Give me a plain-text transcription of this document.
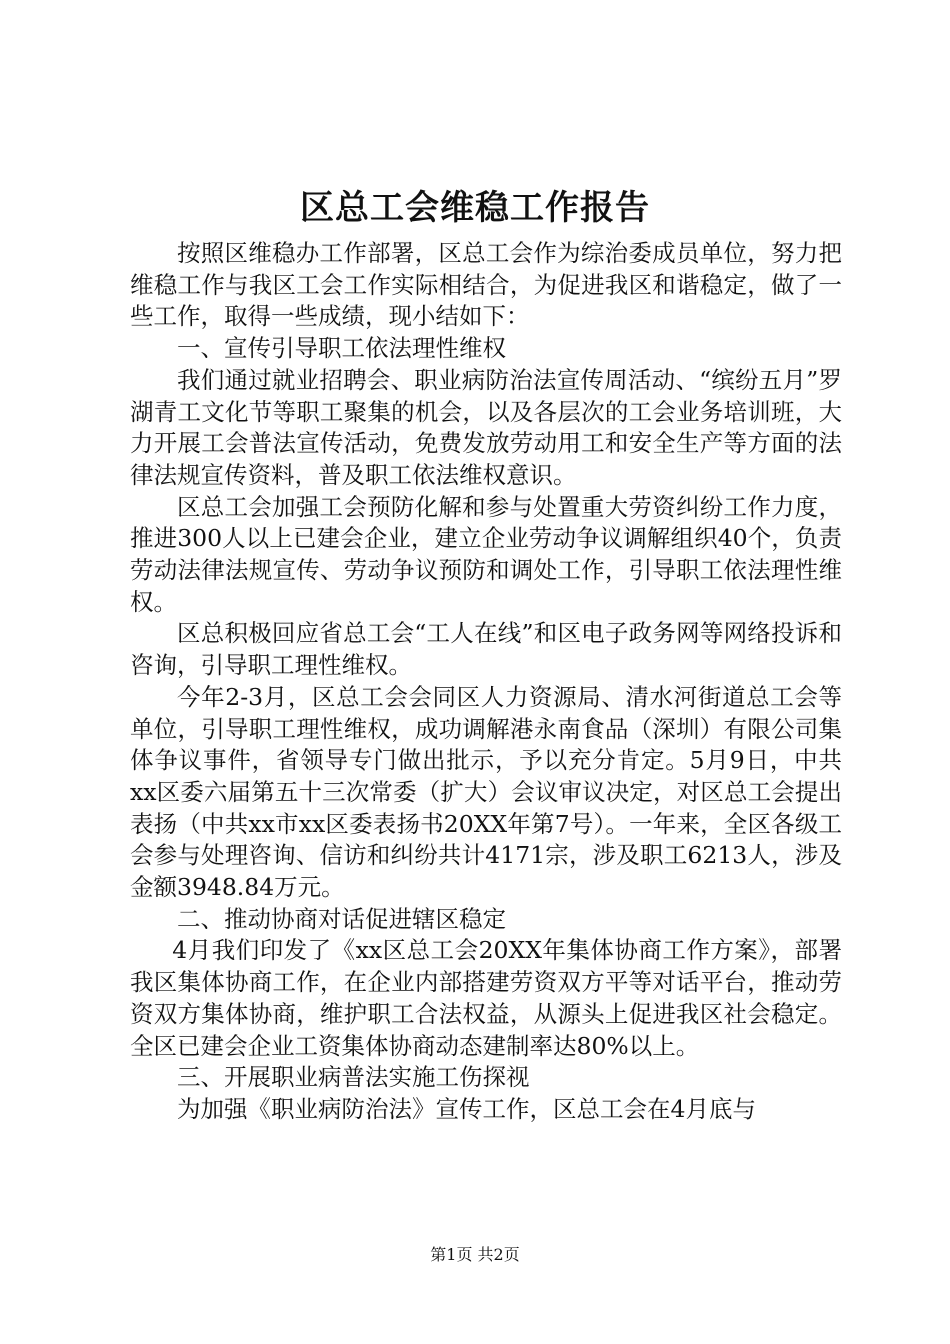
区总工会维稳工作报告

按照区维稳办工作部署，区总工会作为综治委成员单位，努力把维稳工作与我区工会工作实际相结合，为促进我区和谐稳定，做了一些工作，取得一些成绩，现小结如下：

一、宣传引导职工依法理性维权

我们通过就业招聘会、职业病防治法宣传周活动、“缤纷五月”罗湖青工文化节等职工聚集的机会，以及各层次的工会业务培训班，大力开展工会普法宣传活动，免费发放劳动用工和安全生产等方面的法律法规宣传资料，普及职工依法维权意识。

区总工会加强工会预防化解和参与处置重大劳资纠纷工作力度，推进300人以上已建会企业，建立企业劳动争议调解组织40个，负责劳动法律法规宣传、劳动争议预防和调处工作，引导职工依法理性维权。

区总积极回应省总工会“工人在线”和区电子政务网等网络投诉和咨询，引导职工理性维权。

今年2-3月，区总工会会同区人力资源局、清水河街道总工会等单位，引导职工理性维权，成功调解港永南食品（深圳）有限公司集体争议事件，省领导专门做出批示，予以充分肯定。5月9日，中共xx区委六届第五十三次常委（扩大）会议审议决定，对区总工会提出表扬（中共xx市xx区委表扬书20XX年第7号）。一年来，全区各级工会参与处理咨询、信访和纠纷共计4171宗，涉及职工6213人，涉及金额3948.84万元。

二、推动协商对话促进辖区稳定

4月我们印发了《xx区总工会20XX年集体协商工作方案》，部署我区集体协商工作，在企业内部搭建劳资双方平等对话平台，推动劳资双方集体协商，维护职工合法权益，从源头上促进我区社会稳定。全区已建会企业工资集体协商动态建制率达80%以上。

三、开展职业病普法实施工伤探视

为加强《职业病防治法》宣传工作，区总工会在4月底与

第1页 共2页
